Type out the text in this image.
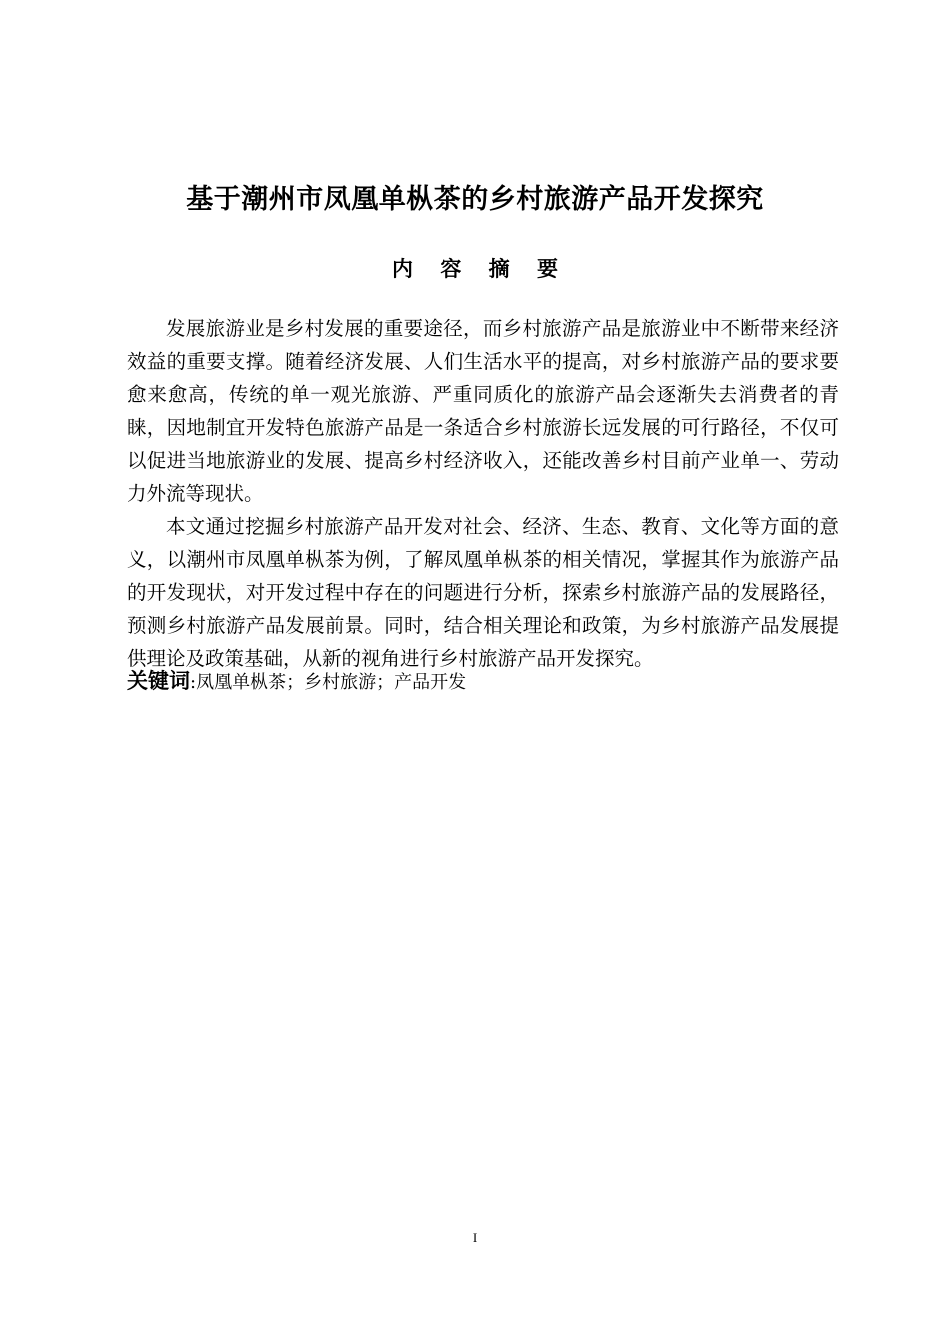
基于潮州市凤凰单枞茶的乡村旅游产品开发探究
内 容 摘 要

发展旅游业是乡村发展的重要途径，而乡村旅游产品是旅游业中不断带来经济效益的重要支撑。随着经济发展、人们生活水平的提高，对乡村旅游产品的要求要愈来愈高，传统的单一观光旅游、严重同质化的旅游产品会逐渐失去消费者的青睐，因地制宜开发特色旅游产品是一条适合乡村旅游长远发展的可行路径，不仅可以促进当地旅游业的发展、提高乡村经济收入，还能改善乡村目前产业单一、劳动力外流等现状。

本文通过挖掘乡村旅游产品开发对社会、经济、生态、教育、文化等方面的意义，以潮州市凤凰单枞茶为例，了解凤凰单枞茶的相关情况，掌握其作为旅游产品的开发现状，对开发过程中存在的问题进行分析，探索乡村旅游产品的发展路径，预测乡村旅游产品发展前景。同时，结合相关理论和政策，为乡村旅游产品发展提供理论及政策基础，从新的视角进行乡村旅游产品开发探究。

关键词:凤凰单枞茶；乡村旅游；产品开发
I
